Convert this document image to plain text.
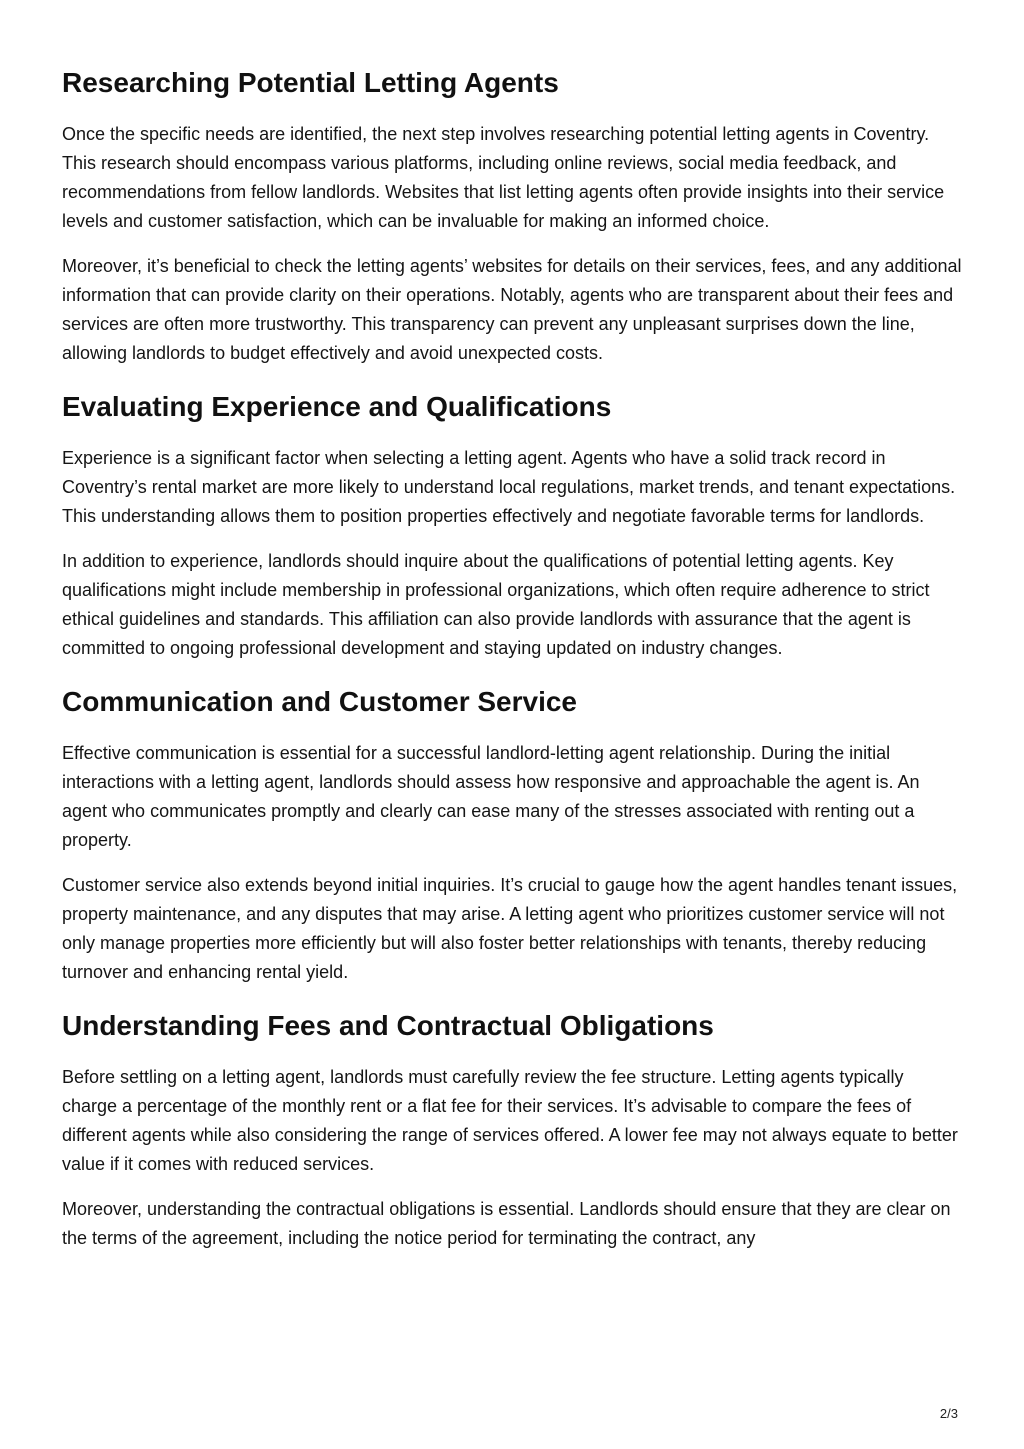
Researching Potential Letting Agents

Once the specific needs are identified, the next step involves researching potential letting agents in Coventry. This research should encompass various platforms, including online reviews, social media feedback, and recommendations from fellow landlords. Websites that list letting agents often provide insights into their service levels and customer satisfaction, which can be invaluable for making an informed choice.

Moreover, it’s beneficial to check the letting agents’ websites for details on their services, fees, and any additional information that can provide clarity on their operations. Notably, agents who are transparent about their fees and services are often more trustworthy. This transparency can prevent any unpleasant surprises down the line, allowing landlords to budget effectively and avoid unexpected costs.

Evaluating Experience and Qualifications

Experience is a significant factor when selecting a letting agent. Agents who have a solid track record in Coventry’s rental market are more likely to understand local regulations, market trends, and tenant expectations. This understanding allows them to position properties effectively and negotiate favorable terms for landlords.

In addition to experience, landlords should inquire about the qualifications of potential letting agents. Key qualifications might include membership in professional organizations, which often require adherence to strict ethical guidelines and standards. This affiliation can also provide landlords with assurance that the agent is committed to ongoing professional development and staying updated on industry changes.

Communication and Customer Service

Effective communication is essential for a successful landlord-letting agent relationship. During the initial interactions with a letting agent, landlords should assess how responsive and approachable the agent is. An agent who communicates promptly and clearly can ease many of the stresses associated with renting out a property.

Customer service also extends beyond initial inquiries. It’s crucial to gauge how the agent handles tenant issues, property maintenance, and any disputes that may arise. A letting agent who prioritizes customer service will not only manage properties more efficiently but will also foster better relationships with tenants, thereby reducing turnover and enhancing rental yield.

Understanding Fees and Contractual Obligations

Before settling on a letting agent, landlords must carefully review the fee structure. Letting agents typically charge a percentage of the monthly rent or a flat fee for their services. It’s advisable to compare the fees of different agents while also considering the range of services offered. A lower fee may not always equate to better value if it comes with reduced services.

Moreover, understanding the contractual obligations is essential. Landlords should ensure that they are clear on the terms of the agreement, including the notice period for terminating the contract, any

2/3
